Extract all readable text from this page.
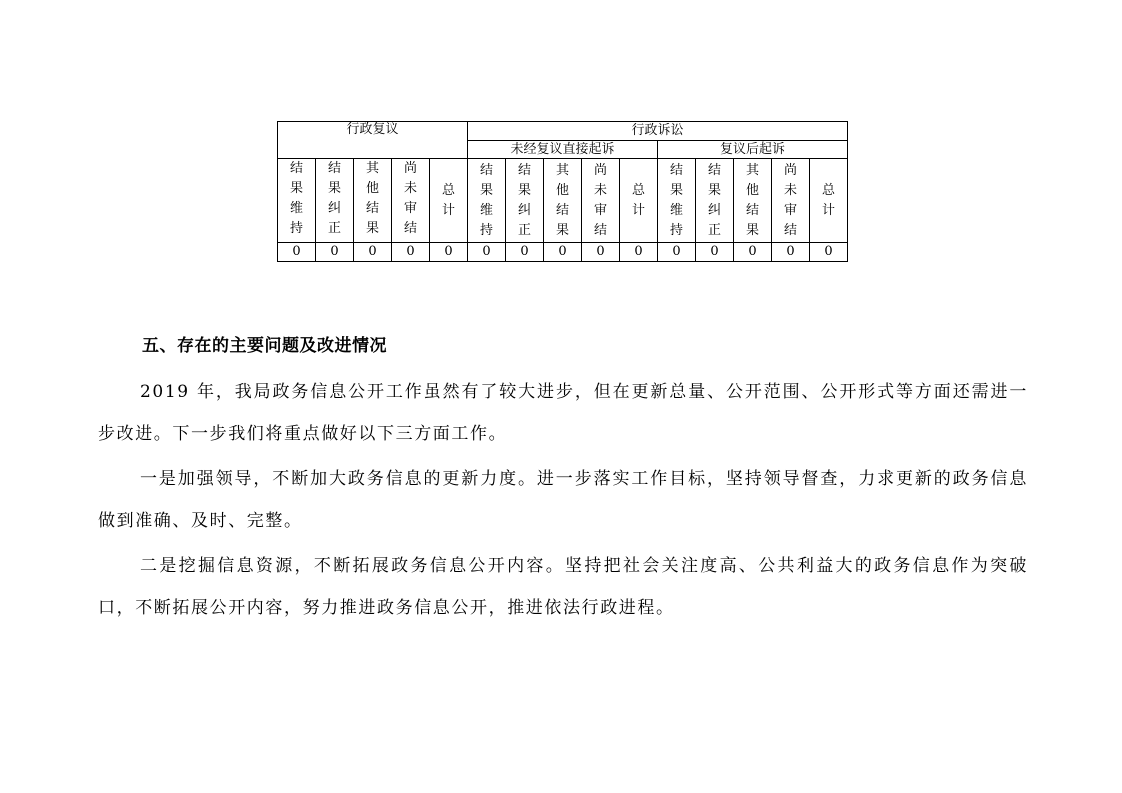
行政复议					行政诉讼									
					未经复议直接起诉					复议后起诉				
结果维持	结果纠正	其他结果	尚未审结	总计	结果维持	结果纠正	其他结果	尚未审结	总计	结果维持	结果纠正	其他结果	尚未审结	总计
0	0	0	0	0	0	0	0	0	0	0	0	0	0	0
五、存在的主要问题及改进情况

2019 年，我局政务信息公开工作虽然有了较大进步，但在更新总量、公开范围、公开形式等方面还需进一步改进。下一步我们将重点做好以下三方面工作。

一是加强领导，不断加大政务信息的更新力度。进一步落实工作目标，坚持领导督查，力求更新的政务信息做到准确、及时、完整。

二是挖掘信息资源，不断拓展政务信息公开内容。坚持把社会关注度高、公共利益大的政务信息作为突破口，不断拓展公开内容，努力推进政务信息公开，推进依法行政进程。
